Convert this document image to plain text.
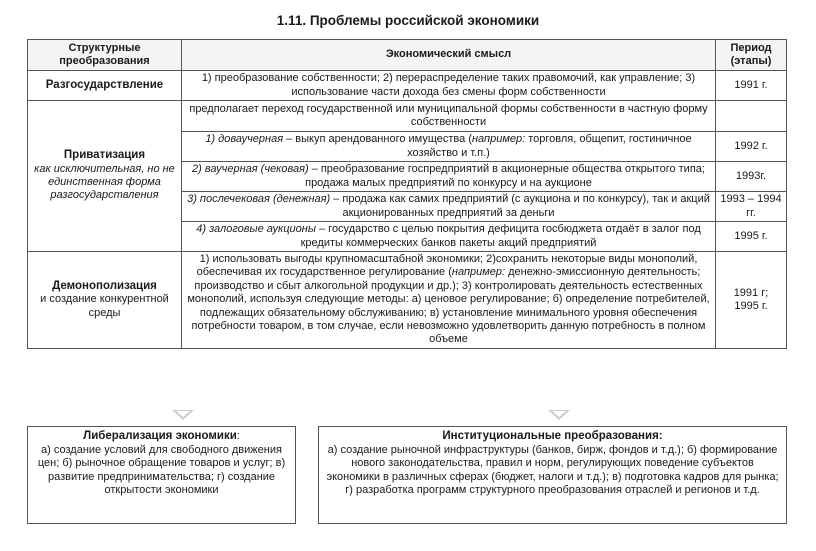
1.11. Проблемы российской экономики
Структурные преобразования	Экономический смысл	Период (этапы)
Разгосударствление	1) преобразование собственности; 2) перераспределение таких правомочий, как управление; 3) использование части дохода без смены форм собственности	1991 г.

Приватизация
как исключительная, но не единственная форма разгосударствления	предполагает переход государственной или муниципальной формы собственности в частную форму собственности	
	1) доваучерная – выкуп арендованного имущества (например: торговля, общепит, гостиничное хозяйство и т.п.)	1992 г.
	2) ваучерная (чековая) – преобразование госпредприятий в акционерные общества открытого типа; продажа малых предприятий по конкурсу и на аукционе	1993г.
	3) послечековая (денежная) – продажа как самих предприятий (с аукциона и по конкурсу), так и акций акционированных предприятий за деньги	1993 – 1994 гг.
	4) залоговые аукционы – государство с целью покрытия дефицита госбюджета отдаёт в залог под кредиты коммерческих банков пакеты акций предприятий	1995 г.

Демонополизация
и создание конкурентной среды	1) использовать выгоды крупномасштабной экономики; 2)сохранить некоторые виды монополий, обеспечивая их государственное регулирование (например: денежно-эмиссионную деятельность; производство и сбыт алкогольной продукции и др.); 3) контролировать деятельность естественных монополий, используя следующие методы: а) ценовое регулирование; б) определение потребителей, подлежащих обязательному обслуживанию; в) установление минимального уровня обеспечения потребности товаром, в том случае, если невозможно удовлетворить данную потребность в полном объеме	1991 г; 1995 г.
Либерализация экономики:
а) создание условий для свободного движения цен; б) рыночное обращение товаров и услуг; в) развитие предпринимательства; г) создание открытости экономики
Институциональные преобразования:
а) создание рыночной инфраструктуры (банков, бирж, фондов и т.д.); б) формирование нового законодательства, правил и норм, регулирующих поведение субъектов экономики в различных сферах (бюджет, налоги и т.д.); в) подготовка кадров для рынка; г) разработка программ структурного преобразования отраслей и регионов и т.д.
